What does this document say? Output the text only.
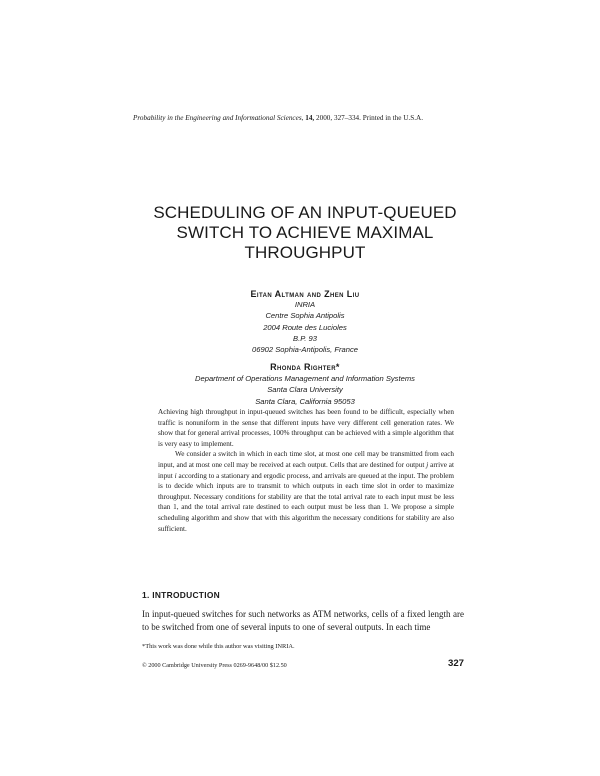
Probability in the Engineering and Informational Sciences, 14, 2000, 327–334. Printed in the U.S.A.
SCHEDULING OF AN INPUT-QUEUED
SWITCH TO ACHIEVE MAXIMAL
THROUGHPUT
Eitan Altman and Zhen Liu
INRIA
Centre Sophia Antipolis
2004 Route des Lucioles
B.P. 93
06902 Sophia-Antipolis, France
Rhonda Righter*
Department of Operations Management and Information Systems
Santa Clara University
Santa Clara, California 95053

Achieving high throughput in input-queued switches has been found to be difficult, especially when traffic is nonuniform in the sense that different inputs have very different cell generation rates. We show that for general arrival processes, 100% throughput can be achieved with a simple algorithm that is very easy to implement.

We consider a switch in which in each time slot, at most one cell may be transmitted from each input, and at most one cell may be received at each output. Cells that are destined for output j arrive at input i according to a stationary and ergodic process, and arrivals are queued at the input. The problem is to decide which inputs are to transmit to which outputs in each time slot in order to maximize throughput. Necessary conditions for stability are that the total arrival rate to each input must be less than 1, and the total arrival rate destined to each output must be less than 1. We propose a simple scheduling algorithm and show that with this algorithm the necessary conditions for stability are also sufficient.

1. INTRODUCTION

In input-queued switches for such networks as ATM networks, cells of a fixed length are to be switched from one of several inputs to one of several outputs. In each time

*This work was done while this author was visiting INRIA.
© 2000 Cambridge University Press 0269-9648/00 $12.50	327
